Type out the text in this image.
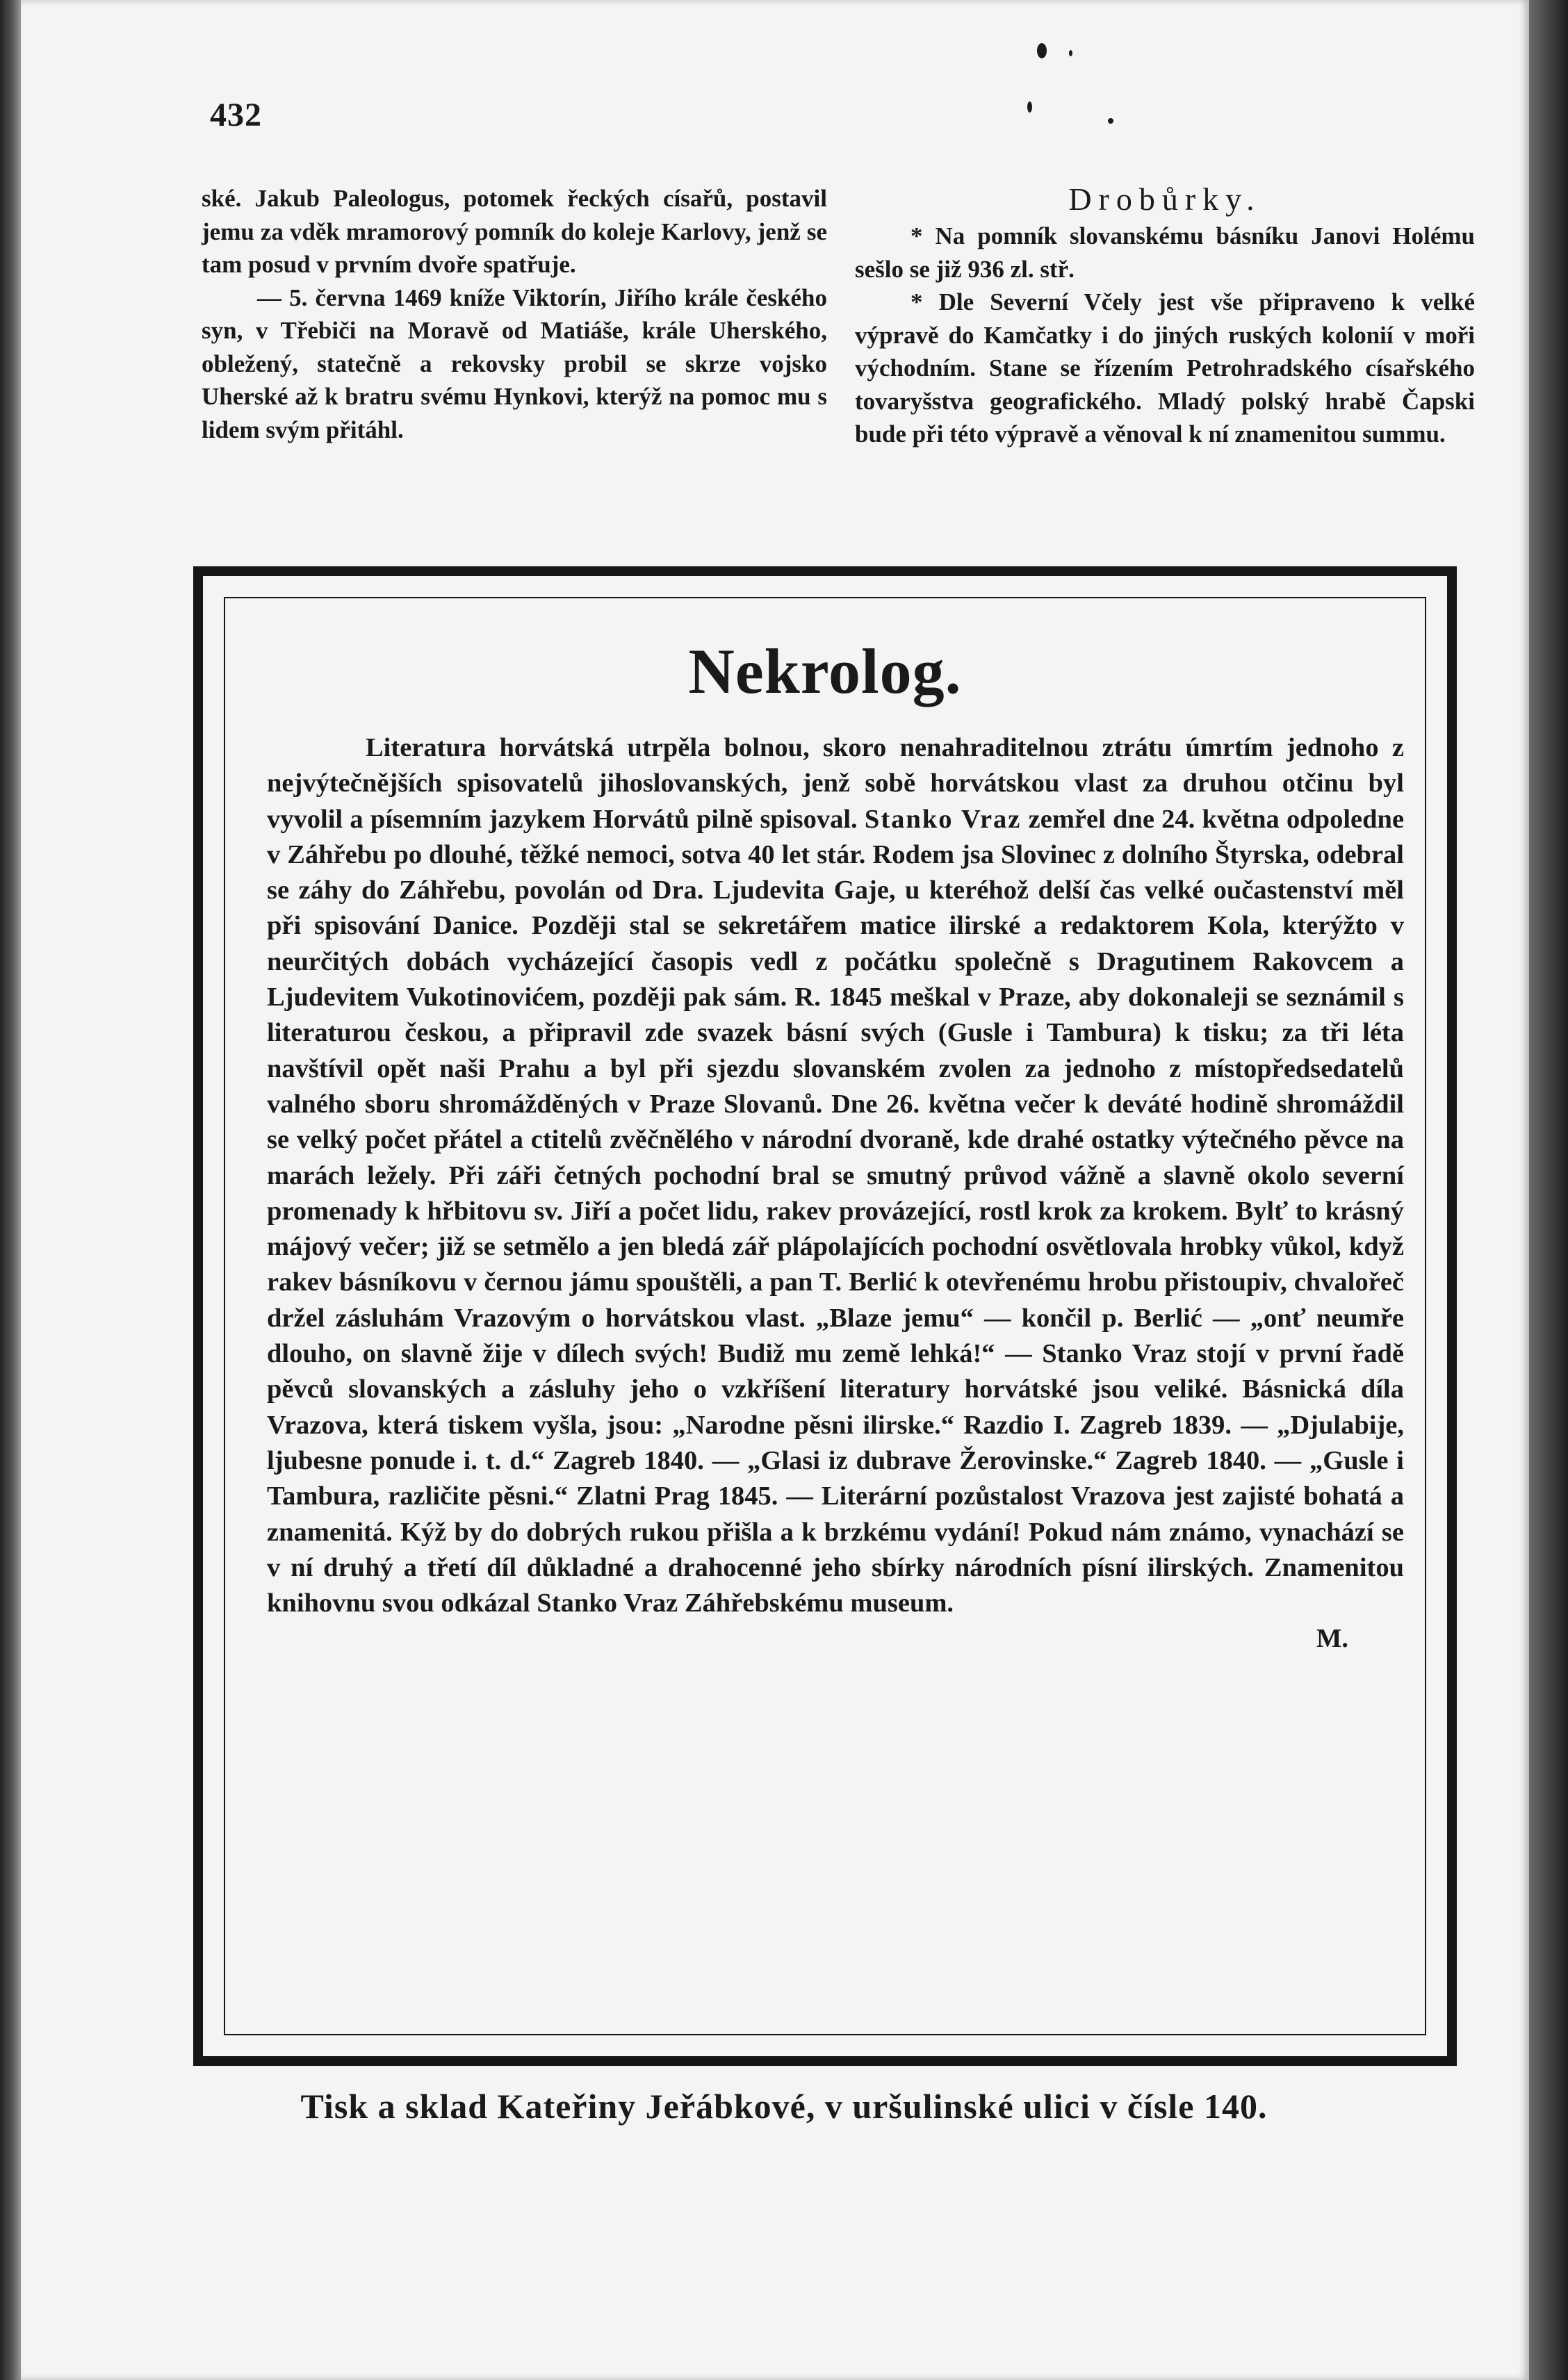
432

ské. Jakub Paleologus, potomek řeckých císařů, postavil jemu za vděk mramorový pomník do koleje Karlovy, jenž se tam posud v prvním dvoře spatřuje.

— 5. června 1469 kníže Viktorín, Jiřího krále českého syn, v Třebiči na Moravě od Matiáše, krále Uherského, obležený, statečně a rekovsky probil se skrze vojsko Uherské až k bratru svému Hynkovi, kterýž na pomoc mu s lidem svým přitáhl.

Drobůrky.

* Na pomník slovanskému básníku Janovi Holému sešlo se již 936 zl. stř.

* Dle Severní Včely jest vše připraveno k velké výpravě do Kamčatky i do jiných ruských kolonií v moři východním. Stane se řízením Petrohradského císařského tovaryšstva geografického. Mladý polský hrabě Čapski bude při této výpravě a věnoval k ní znamenitou summu.

Nekrolog.

Literatura horvátská utrpěla bolnou, skoro nenahraditelnou ztrátu úmrtím jednoho z nejvýtečnějších spisovatelů jihoslovanských, jenž sobě horvátskou vlast za druhou otčinu byl vyvolil a písemním jazykem Horvátů pilně spisoval. Stanko Vraz zemřel dne 24. května odpoledne v Záhřebu po dlouhé, těžké nemoci, sotva 40 let stár. Rodem jsa Slovinec z dolního Štyrska, odebral se záhy do Záhřebu, povolán od Dra. Ljudevita Gaje, u kteréhož delší čas velké oučastenství měl při spisování Danice. Později stal se sekretářem matice ilirské a redaktorem Kola, kterýžto v neurčitých dobách vycházející časopis vedl z počátku společně s Dragutinem Rakovcem a Ljudevitem Vukotinovićem, později pak sám. R. 1845 meškal v Praze, aby dokonaleji se seznámil s literaturou českou, a připravil zde svazek básní svých (Gusle i Tambura) k tisku; za tři léta navštívil opět naši Prahu a byl při sjezdu slovanském zvolen za jednoho z místopředsedatelů valného sboru shromážděných v Praze Slovanů. Dne 26. května večer k deváté hodině shromáždil se velký počet přátel a ctitelů zvěčnělého v národní dvoraně, kde drahé ostatky výtečného pěvce na marách ležely. Při záři četných pochodní bral se smutný průvod vážně a slavně okolo severní promenady k hřbitovu sv. Jiří a počet lidu, rakev provázející, rostl krok za krokem. Bylť to krásný májový večer; již se setmělo a jen bledá zář plápolajících pochodní osvětlovala hrobky vůkol, když rakev básníkovu v černou jámu spouštěli, a pan T. Berlić k otevřenému hrobu přistoupiv, chvalořeč držel zásluhám Vrazovým o horvátskou vlast. „Blaze jemu“ — končil p. Berlić — „onť neumře dlouho, on slavně žije v dílech svých! Budiž mu země lehká!“ — Stanko Vraz stojí v první řadě pěvců slovanských a zásluhy jeho o vzkříšení literatury horvátské jsou veliké. Básnická díla Vrazova, která tiskem vyšla, jsou: „Narodne pěsni ilirske.“ Razdio I. Zagreb 1839. — „Djulabije, ljubesne ponude i. t. d.“ Zagreb 1840. — „Glasi iz dubrave Žerovinske.“ Zagreb 1840. — „Gusle i Tambura, različite pěsni.“ Zlatni Prag 1845. — Literární pozůstalost Vrazova jest zajisté bohatá a znamenitá. Kýž by do dobrých rukou přišla a k brzkému vydání! Pokud nám známo, vynachází se v ní druhý a třetí díl důkladné a drahocenné jeho sbírky národních písní ilirských. Znamenitou knihovnu svou odkázal Stanko Vraz Záhřebskému museum.

M.

Tisk a sklad Kateřiny Jeřábkové, v uršulinské ulici v čísle 140.
